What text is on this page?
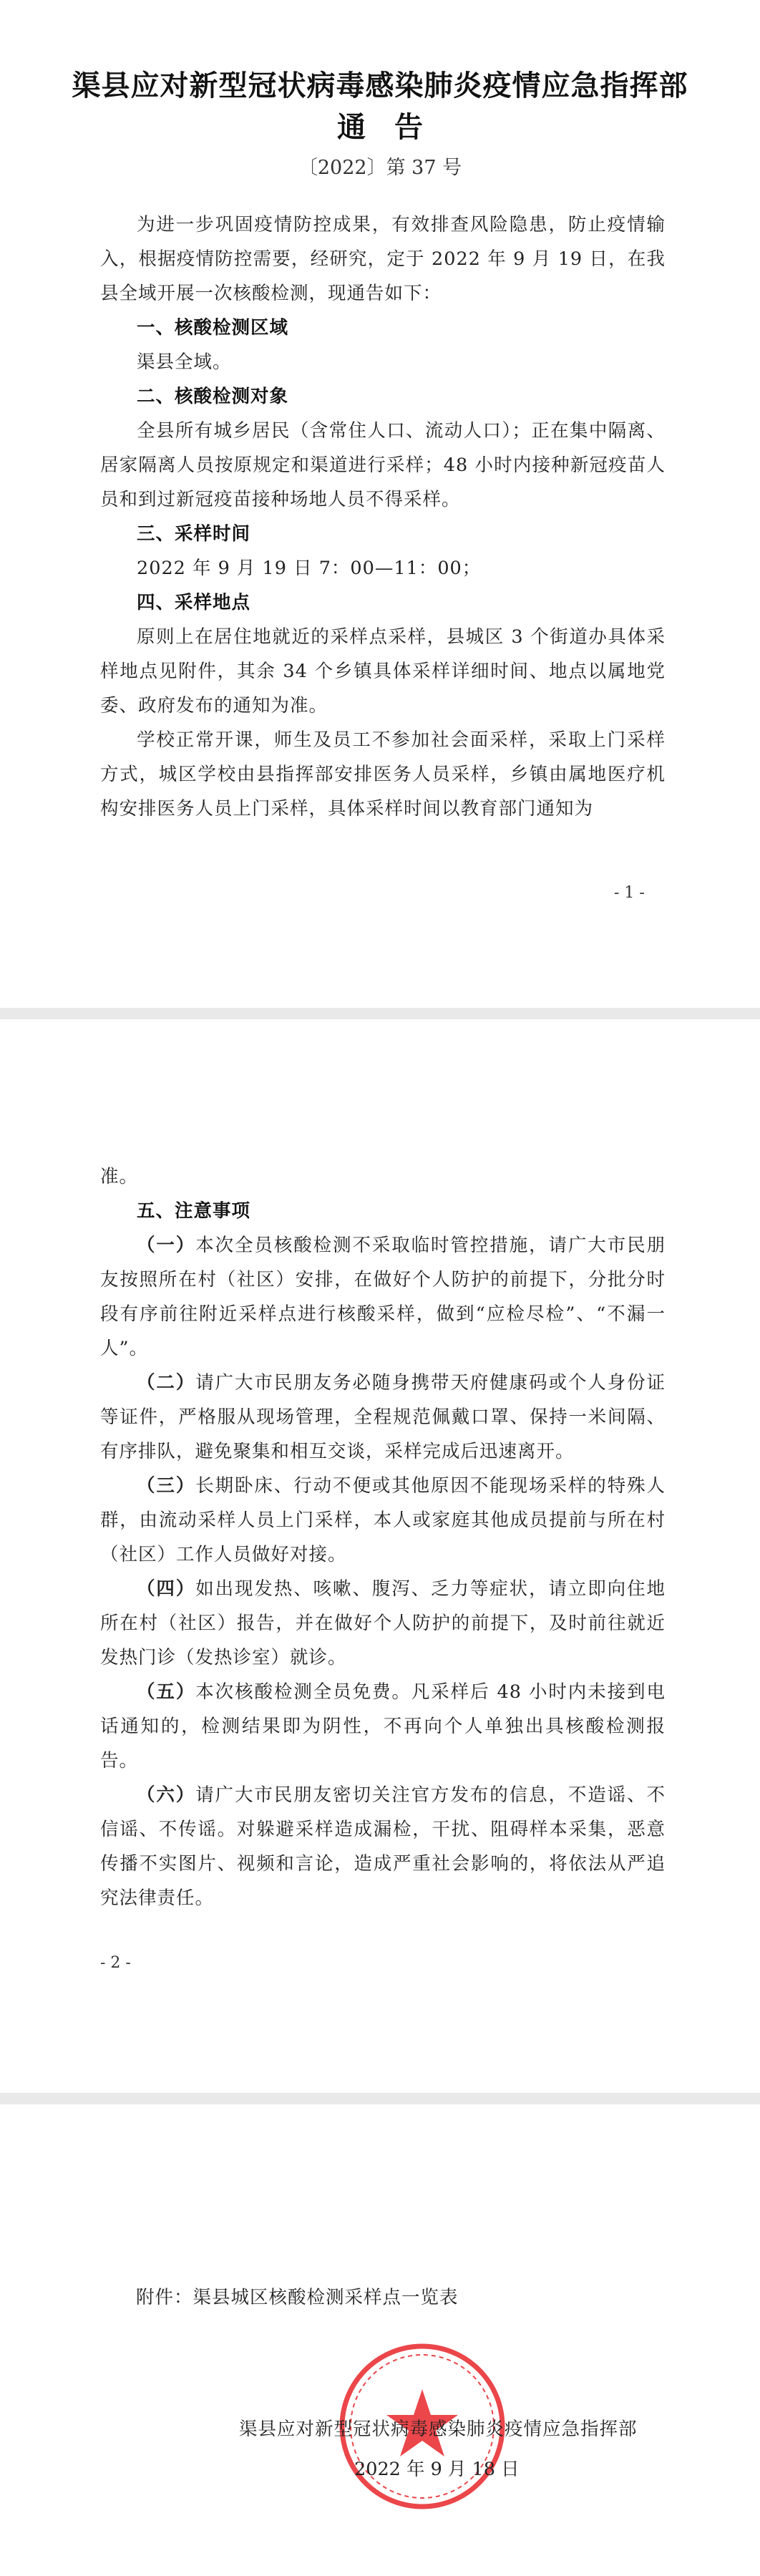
渠县应对新型冠状病毒感染肺炎疫情应急指挥部
通　告
〔2022〕第 37 号

为进一步巩固疫情防控成果，有效排查风险隐患，防止疫情输入，根据疫情防控需要，经研究，定于 2022 年 9 月 19 日，在我县全域开展一次核酸检测，现通告如下：

一、核酸检测区域

渠县全域。

二、核酸检测对象

全县所有城乡居民（含常住人口、流动人口）；正在集中隔离、居家隔离人员按原规定和渠道进行采样；48 小时内接种新冠疫苗人员和到过新冠疫苗接种场地人员不得采样。

三、采样时间

2022 年 9 月 19 日 7：00—11：00；

四、采样地点

原则上在居住地就近的采样点采样，县城区 3 个街道办具体采样地点见附件，其余 34 个乡镇具体采样详细时间、地点以属地党委、政府发布的通知为准。

学校正常开课，师生及员工不参加社会面采样，采取上门采样方式，城区学校由县指挥部安排医务人员采样，乡镇由属地医疗机构安排医务人员上门采样，具体采样时间以教育部门通知为

- 1 -

准。

五、注意事项

（一）本次全员核酸检测不采取临时管控措施，请广大市民朋友按照所在村（社区）安排，在做好个人防护的前提下，分批分时段有序前往附近采样点进行核酸采样，做到“应检尽检”、“不漏一人”。

（二）请广大市民朋友务必随身携带天府健康码或个人身份证等证件，严格服从现场管理，全程规范佩戴口罩、保持一米间隔、有序排队，避免聚集和相互交谈，采样完成后迅速离开。

（三）长期卧床、行动不便或其他原因不能现场采样的特殊人群，由流动采样人员上门采样，本人或家庭其他成员提前与所在村（社区）工作人员做好对接。

（四）如出现发热、咳嗽、腹泻、乏力等症状，请立即向住地所在村（社区）报告，并在做好个人防护的前提下，及时前往就近发热门诊（发热诊室）就诊。

（五）本次核酸检测全员免费。凡采样后 48 小时内未接到电话通知的，检测结果即为阴性，不再向个人单独出具核酸检测报告。

（六）请广大市民朋友密切关注官方发布的信息，不造谣、不信谣、不传谣。对躲避采样造成漏检，干扰、阻碍样本采集，恶意传播不实图片、视频和言论，造成严重社会影响的，将依法从严追究法律责任。

- 2 -
附件：渠县城区核酸检测采样点一览表
渠县应对新型冠状病毒感染肺炎疫情应急指挥部
2022 年 9 月 18 日
